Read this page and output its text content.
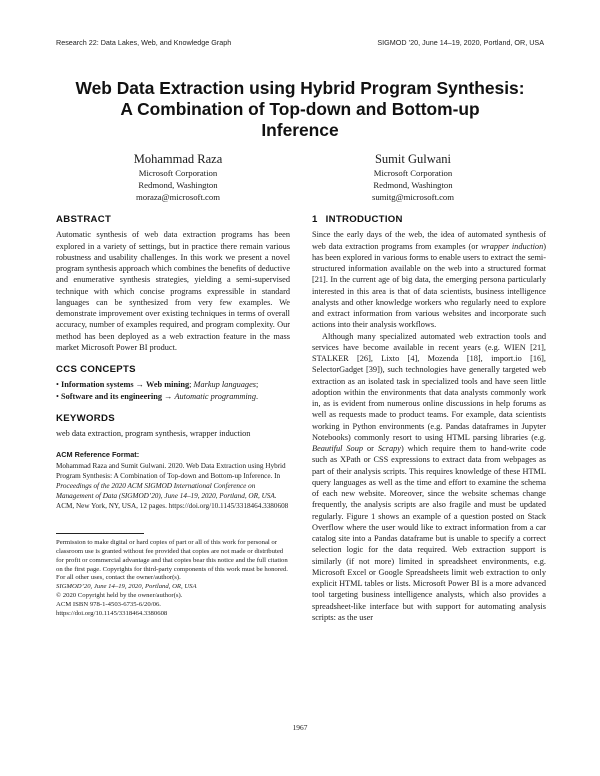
Research 22: Data Lakes, Web, and Knowledge Graph	SIGMOD ’20, June 14–19, 2020, Portland, OR, USA
Web Data Extraction using Hybrid Program Synthesis:
A Combination of Top-down and Bottom-up
Inference
Mohammad Raza
Microsoft Corporation
Redmond, Washington
moraza@microsoft.com
Sumit Gulwani
Microsoft Corporation
Redmond, Washington
sumitg@microsoft.com
ABSTRACT

Automatic synthesis of web data extraction programs has been explored in a variety of settings, but in practice there remain various robustness and usability challenges. In this work we present a novel program synthesis approach which combines the benefits of deductive and enumerative synthesis strategies, yielding a semi-supervised technique with which concise programs expressible in standard languages can be synthesized from very few examples. We demonstrate improvement over existing techniques in terms of overall accuracy, number of examples required, and program complexity. Our method has been deployed as a web extraction feature in the mass market Microsoft Power BI product.

CCS CONCEPTS

• Information systems → Web mining; Markup languages;

• Software and its engineering → Automatic programming.

KEYWORDS

web data extraction, program synthesis, wrapper induction

ACM Reference Format:
Mohammad Raza and Sumit Gulwani. 2020. Web Data Extraction using Hybrid Program Synthesis: A Combination of Top-down and Bottom-up Inference. In Proceedings of the 2020 ACM SIGMOD International Conference on Management of Data (SIGMOD’20), June 14–19, 2020, Portland, OR, USA. ACM, New York, NY, USA, 12 pages. https://doi.org/10.1145/3318464.3380608
Permission to make digital or hard copies of part or all of this work for personal or classroom use is granted without fee provided that copies are not made or distributed for profit or commercial advantage and that copies bear this notice and the full citation on the first page. Copyrights for third-party components of this work must be honored. For all other uses, contact the owner/author(s).
SIGMOD’20, June 14–19, 2020, Portland, OR, USA
© 2020 Copyright held by the owner/author(s).
ACM ISBN 978-1-4503-6735-6/20/06.
https://doi.org/10.1145/3318464.3380608
1 INTRODUCTION

Since the early days of the web, the idea of automated synthesis of web data extraction programs from examples (or wrapper induction) has been explored in various forms to enable users to extract the semi-structured information available on the web into a structured format [21]. In the current age of big data, the emerging persona particularly interested in this area is that of data scientists, business intelligence analysts and other knowledge workers who regularly need to explore and extract information from various websites and incorporate such actions into their analysis workflows.

Although many specialized automated web extraction tools and services have become available in recent years (e.g. WIEN [21], STALKER [26], Lixto [4], Mozenda [18], import.io [16], SelectorGadget [39]), such technologies have generally targeted web extraction as an isolated task in specialized tools and have seen little adoption within the environments that data analysts commonly work in, as is evident from numerous online discussions in help forums as well as requests made to product teams. For example, data scientists working in Python environments (e.g. Pandas dataframes in Jupyter Notebooks) commonly resort to using HTML parsing libraries (e.g. Beautiful Soup or Scrapy) which require them to hand-write code such as XPath or CSS expressions to extract data from webpages as part of their analysis scripts. This requires knowledge of these HTML query languages as well as the time and effort to examine the schema of each new website. Moreover, since the website schemas change frequently, the analysis scripts are also fragile and must be updated regularly. Figure 1 shows an example of a question posted on Stack Overflow where the user would like to extract information from a car catalog site into a Pandas dataframe but is unable to specify a correct selection logic for the data required. Web extraction support is similarly (if not more) limited in spreadsheet environments, e.g. Microsoft Excel or Google Spreadsheets limit web extraction to only explicit HTML tables or lists. Microsoft Power BI is a more advanced tool targeting business intelligence analysts, which also provides a spreadsheet-like interface but with support for automating analysis scripts: as the user

1967
